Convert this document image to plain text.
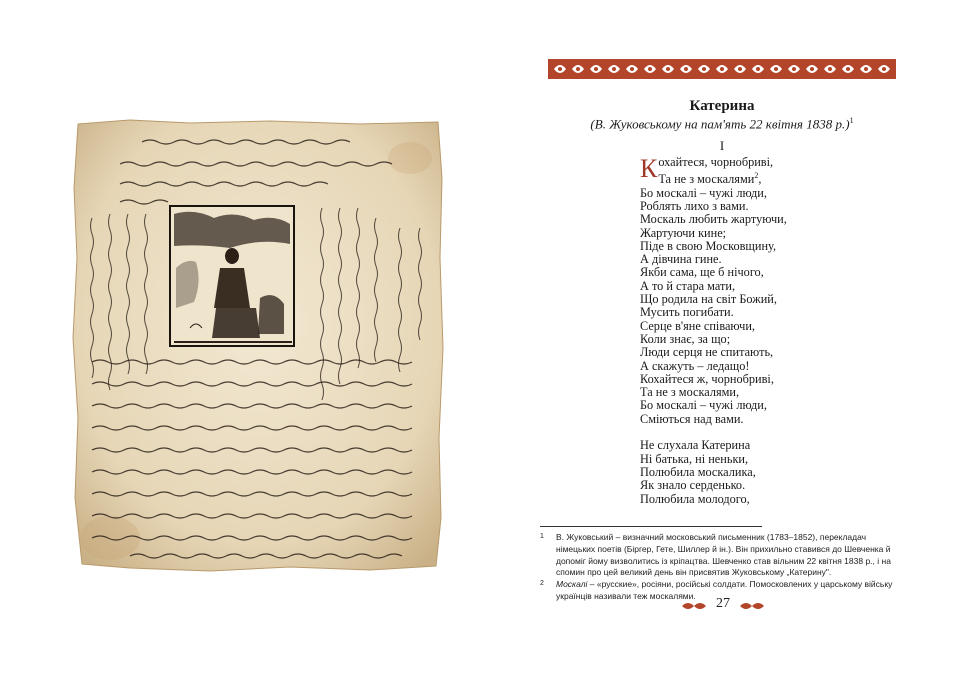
Катерина
(В. Жуковському на пам'ять 22 квітня 1838 р.)$^1$
I
Кохайтеся, чорнобриві,
Та не з москалями$^2$,
Бо москалі – чужі люди,
Роблять лихо з вами.
Москаль любить жартуючи,
Жартуючи кине;
Піде в свою Московщину,
А дівчина гине.
Якби сама, ще б нічого,
А то й стара мати,
Що родила на світ Божий,
Мусить погибати.
Серце в'яне співаючи,
Коли знає, за що;
Люди серця не спитають,
А скажуть – ледащо!
Кохайтеся ж, чорнобриві,
Та не з москалями,
Бо москалі – чужі люди,
Сміються над вами.
Не слухала Катерина
Ні батька, ні неньки,
Полюбила москалика,
Як знало серденько.
Полюбила молодого,
1 В. Жуковський – визначний московський письменник (1783–1852), перекладач німецьких поетів (Біргер, Гете, Шиллер й ін.). Він прихильно ставився до Шевченка й допоміг йому визволитись із кріпацтва. Шевченко став вільним 22 квітня 1838 р., і на спомин про цей великий день він присвятив Жуковському „Катерину".
2 Москалі – «русские», росіяни, російські солдати. Помосковлених у царському війську українців називали теж москалями.
27
